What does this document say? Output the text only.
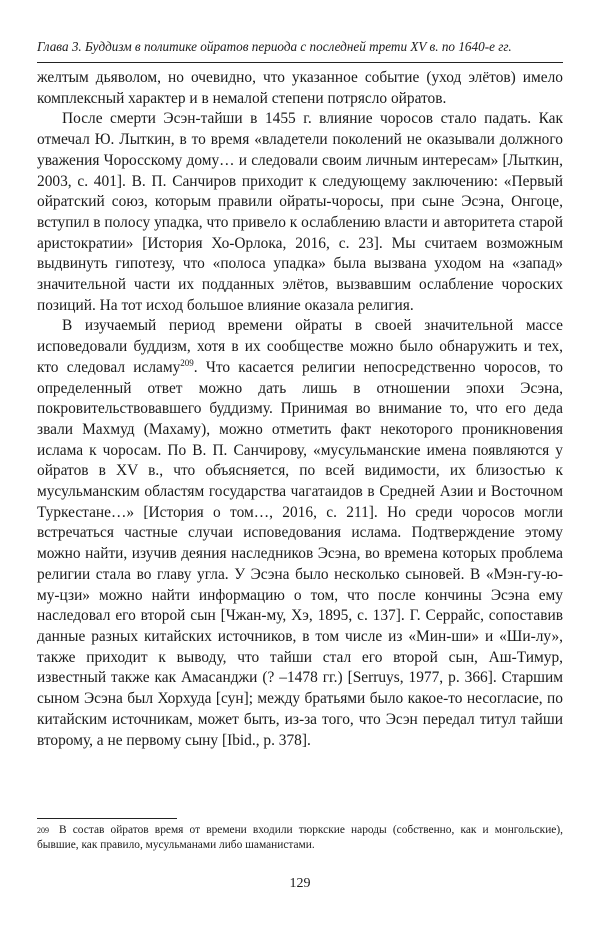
Глава 3. Буддизм в политике ойратов периода с последней трети XV в. по 1640-е гг.

желтым дьяволом, но очевидно, что указанное событие (уход элётов) имело комплексный характер и в немалой степени потрясло ойратов.

После смерти Эсэн-тайши в 1455 г. влияние чоросов стало падать. Как отмечал Ю. Лыткин, в то время «владетели поколений не оказывали должного уважения Чоросскому дому… и следовали своим личным интересам» [Лыткин, 2003, с. 401]. В. П. Санчиров приходит к следующему заключению: «Первый ойратский союз, которым правили ойраты-чоросы, при сыне Эсэна, Онгоце, вступил в полосу упадка, что привело к ослаблению власти и авторитета старой аристократии» [История Хо-Орлока, 2016, с. 23]. Мы считаем возможным выдвинуть гипотезу, что «полоса упадка» была вызвана уходом на «запад» значительной части их подданных элётов, вызвавшим ослабление чороских позиций. На тот исход большое влияние оказала религия.

В изучаемый период времени ойраты в своей значительной массе исповедовали буддизм, хотя в их сообществе можно было обнаружить и тех, кто следовал исламу$^{209}$. Что касается религии непосредственно чоросов, то определенный ответ можно дать лишь в отношении эпохи Эсэна, покровительствовавшего буддизму. Принимая во внимание то, что его деда звали Махмуд (Махаму), можно отметить факт некоторого проникновения ислама к чоросам. По В. П. Санчирову, «мусульманские имена появляются у ойратов в XV в., что объясняется, по всей видимости, их близостью к мусульманским областям государства чагатаидов в Средней Азии и Восточном Туркестане…» [История о том…, 2016, с. 211]. Но среди чоросов могли встречаться частные случаи исповедования ислама. Подтверждение этому можно найти, изучив деяния наследников Эсэна, во времена которых проблема религии стала во главу угла. У Эсэна было несколько сыновей. В «Мэн-гу-ю-му-цзи» можно найти информацию о том, что после кончины Эсэна ему наследовал его второй сын [Чжан-му, Хэ, 1895, с. 137]. Г. Серрайс, сопоставив данные разных китайских источников, в том числе из «Мин-ши» и «Ши-лу», также приходит к выводу, что тайши стал его второй сын, Аш-Тимур, известный также как Амасанджи (? –1478 гг.) [Serruys, 1977, p. 366]. Старшим сыном Эсэна был Хорхуда [сун]; между братьями было какое-то несогласие, по китайским источникам, может быть, из-за того, что Эсэн передал титул тайши второму, а не первому сыну [Ibid., p. 378].

209 В состав ойратов время от времени входили тюркские народы (собственно, как и монгольские), бывшие, как правило, мусульманами либо шаманистами.
129
